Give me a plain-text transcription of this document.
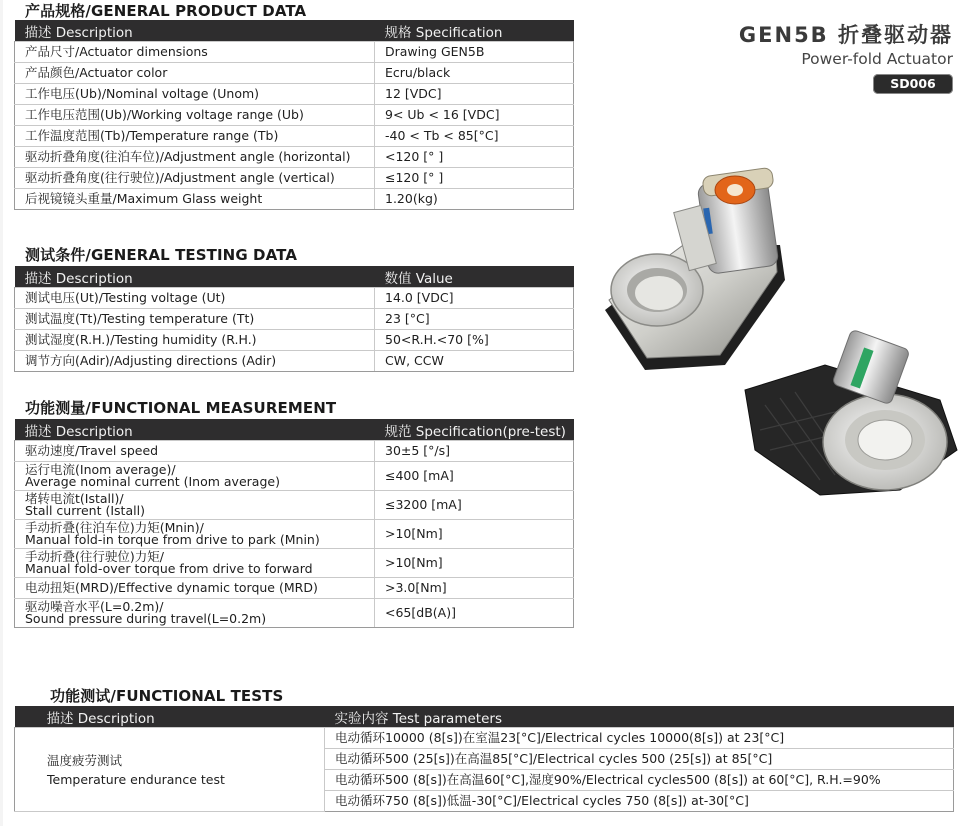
产品规格/GENERAL PRODUCT DATA
描述 Description	规格 Specification
产品尺寸/Actuator dimensions	Drawing GEN5B
产品颜色/Actuator color	Ecru/black
工作电压(Ub)/Nominal voltage (Unom)	12 [VDC]
工作电压范围(Ub)/Working voltage range (Ub)	9< Ub < 16 [VDC]
工作温度范围(Tb)/Temperature range (Tb)	-40 < Tb < 85[°C]
驱动折叠角度(往泊车位)/Adjustment angle (horizontal)	<120 [° ]
驱动折叠角度(往行驶位)/Adjustment angle (vertical)	≤120 [° ]
后视镜镜头重量/Maximum Glass weight	1.20(kg)
测试条件/GENERAL TESTING DATA
描述 Description	数值 Value
测试电压(Ut)/Testing voltage (Ut)	14.0 [VDC]
测试温度(Tt)/Testing temperature (Tt)	23 [°C]
测试湿度(R.H.)/Testing humidity (R.H.)	50<R.H.<70 [%]
调节方向(Adir)/Adjusting directions (Adir)	CW, CCW
功能测量/FUNCTIONAL MEASUREMENT
描述 Description	规范 Specification(pre-test)

驱动速度/Travel speed	30±5 [°/s]

运行电流(Inom average)/
Average nominal current (Inom average)	≤400 [mA]

堵转电流t(Istall)/
Stall current (Istall)	≤3200 [mA]

手动折叠(往泊车位)力矩(Mnin)/
Manual fold-in torque from drive to park (Mnin)	>10[Nm]

手动折叠(往行驶位)力矩/
Manual fold-over torque from drive to forward	>10[Nm]

电动扭矩(MRD)/Effective dynamic torque (MRD)	>3.0[Nm]

驱动噪音水平(L=0.2m)/
Sound pressure during travel(L=0.2m)	<65[dB(A)]
功能测试/FUNCTIONAL TESTS
描述 Description	实验内容 Test parameters

温度疲劳测试
Temperature endurance test	电动循环10000 (8[s])在室温23[°C]/Electrical cycles 10000(8[s]) at 23[°C]
	电动循环500 (25[s])在高温85[°C]/Electrical cycles 500 (25[s]) at 85[°C]
	电动循环500 (8[s])在高温60[°C],湿度90%/Electrical cycles500 (8[s]) at 60[°C], R.H.=90%
	电动循环750 (8[s])低温-30[°C]/Electrical cycles 750 (8[s]) at-30[°C]
GEN5B 折叠驱动器
Power-fold Actuator
SD006
